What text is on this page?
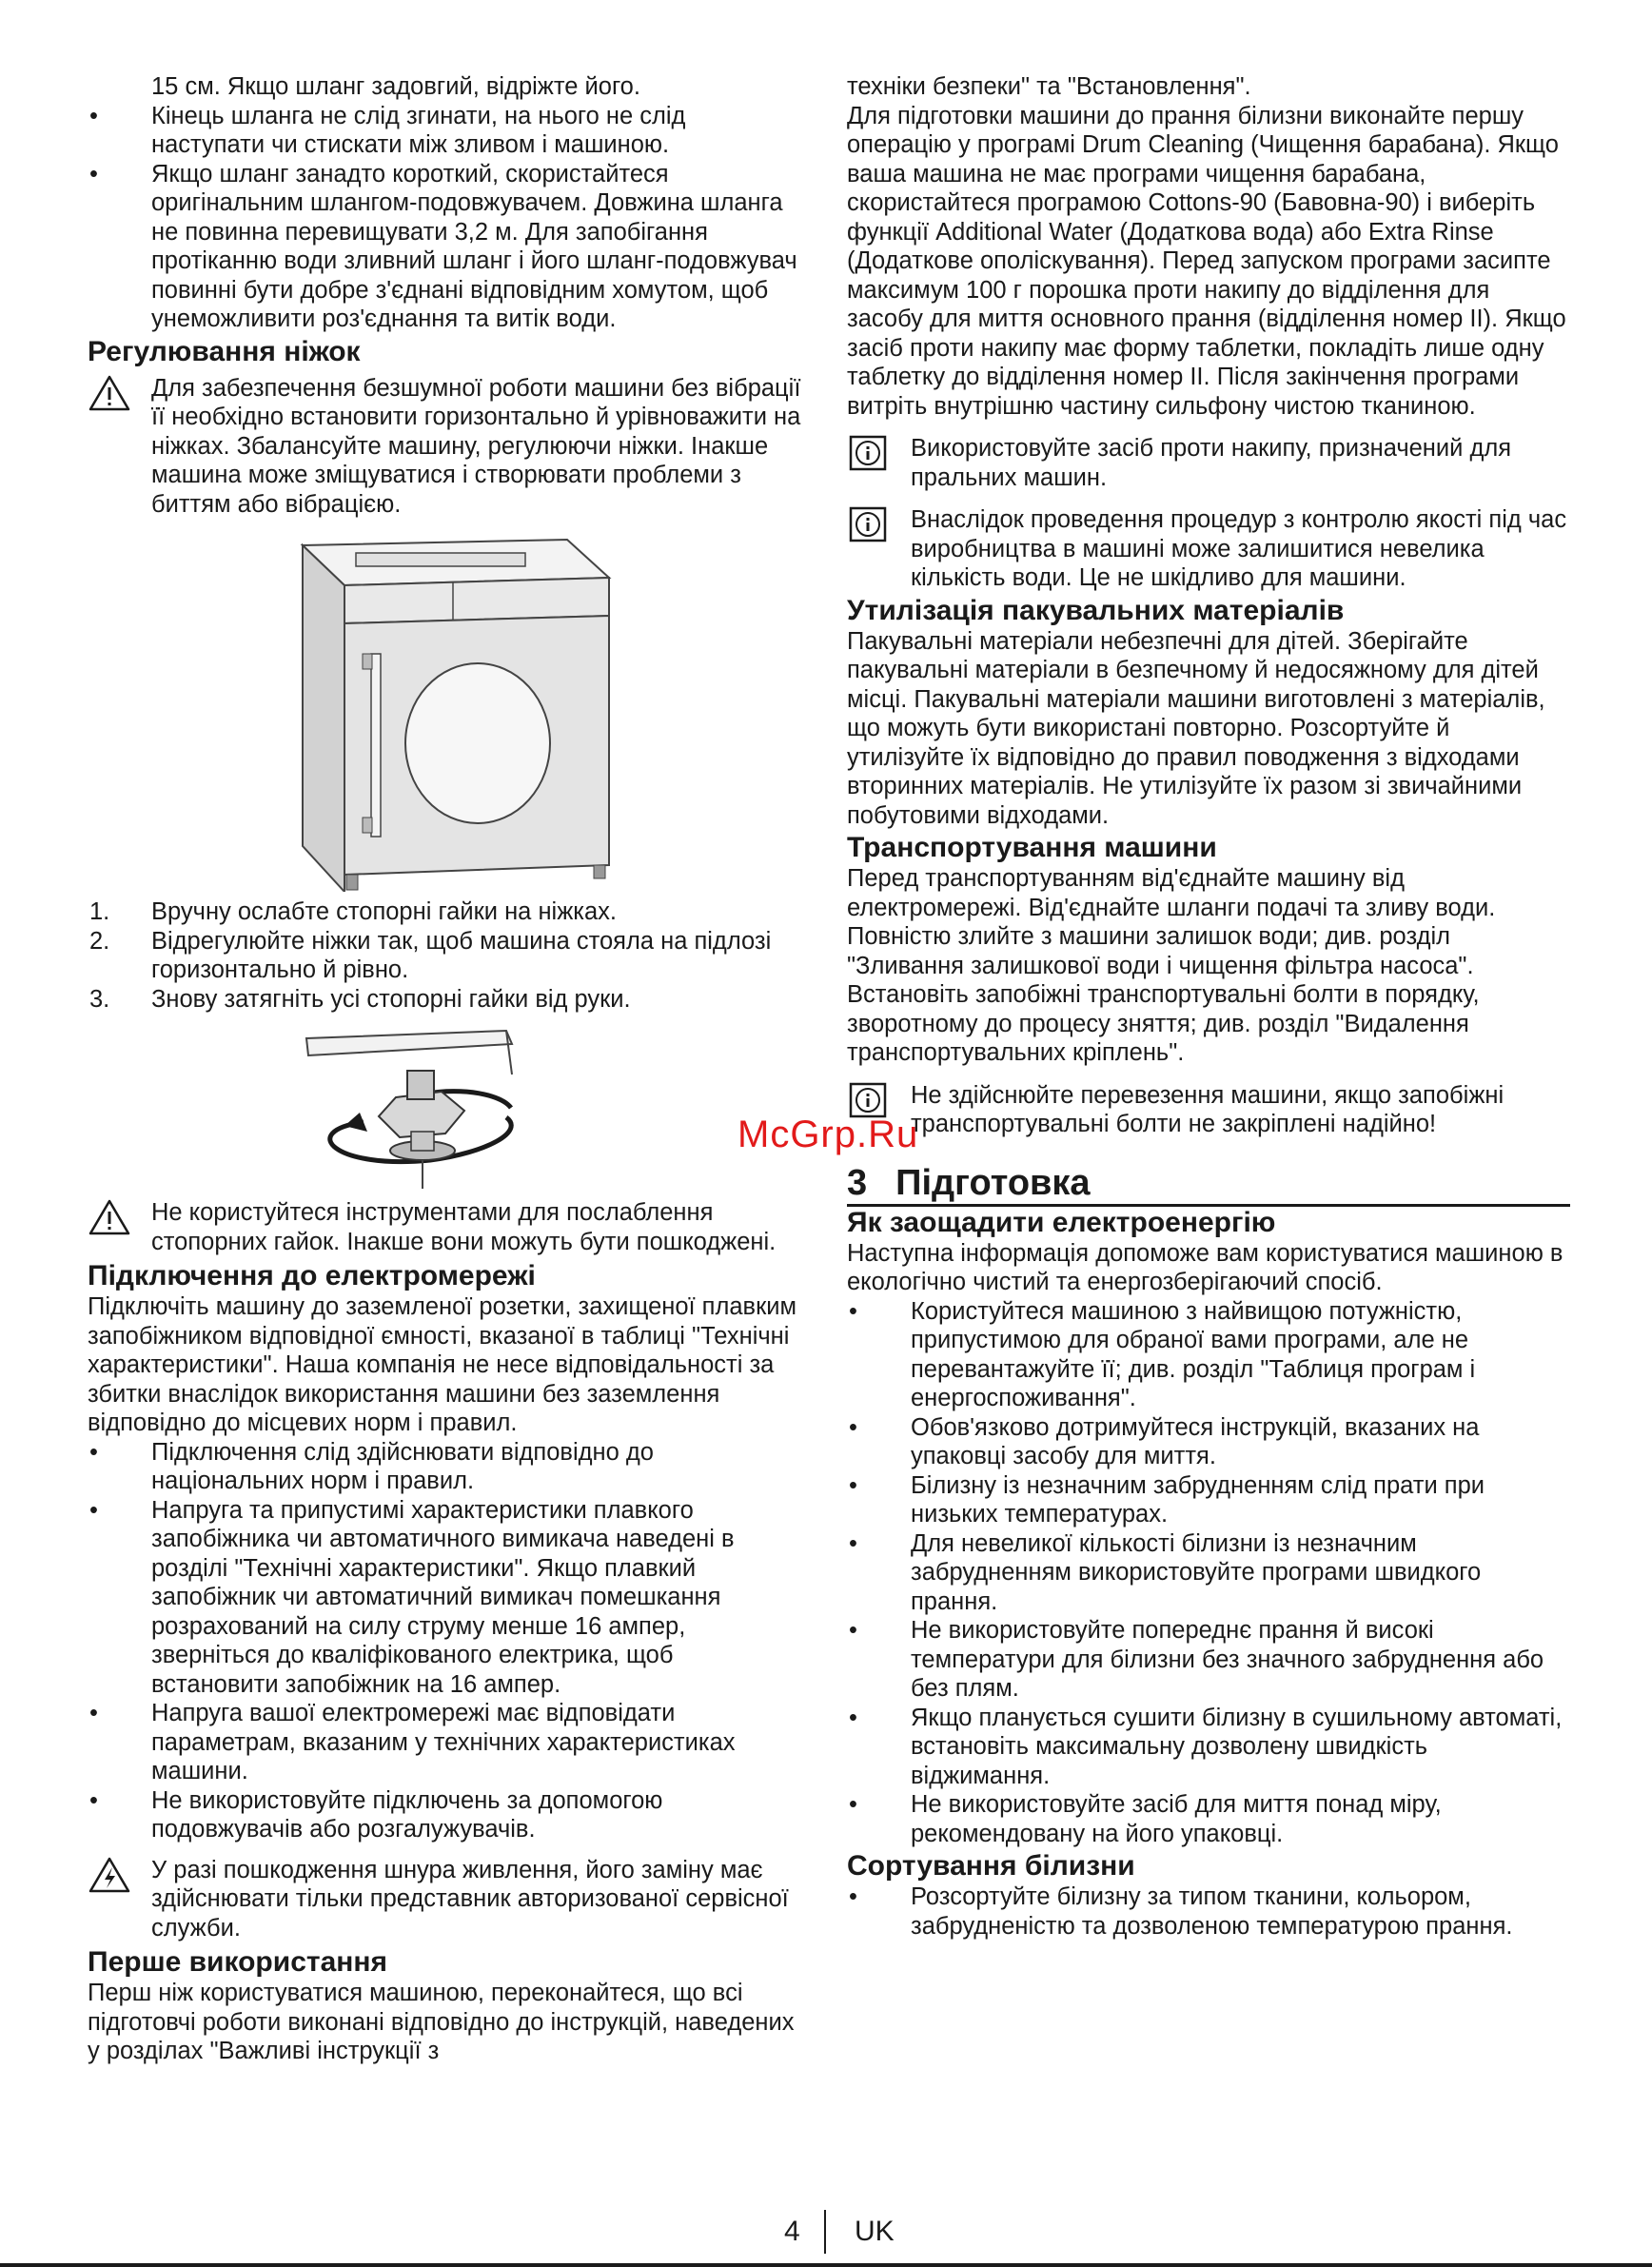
15 см. Якщо шланг задовгий, відріжте його.

• Кінець шланга не слід згинати, на нього не слід наступати чи стискати між зливом і машиною.
• Якщо шланг занадто короткий, скористайтеся оригінальним шлангом-подовжувачем. Довжина шланга не повинна перевищувати 3,2 м. Для запобігання протіканню води зливний шланг і його шланг-подовжувач повинні бути добре з'єднані відповідним хомутом, щоб унеможливити роз'єднання та витік води.
Регулювання ніжок

Для забезпечення безшумної роботи машини без вібрації її необхідно встановити горизонтально й урівноважити на ніжках. Збалансуйте машину, регулюючи ніжки. Інакше машина може зміщуватися і створювати проблеми з биттям або вібрацією.

1. Вручну ослабте стопорні гайки на ніжках.
2. Відрегулюйте ніжки так, щоб машина стояла на підлозі горизонтально й рівно.
3. Знову затягніть усі стопорні гайки від руки.

Не користуйтеся інструментами для послаблення стопорних гайок. Інакше вони можуть бути пошкоджені.

Підключення до електромережі

Підключіть машину до заземленої розетки, захищеної плавким запобіжником відповідної ємності, вказаної в таблиці "Технічні характеристики". Наша компанія не несе відповідальності за збитки внаслідок використання машини без заземлення відповідно до місцевих норм і правил.

• Підключення слід здійснювати відповідно до національних норм і правил.
• Напруга та припустимі характеристики плавкого запобіжника чи автоматичного вимикача наведені в розділі "Технічні характеристики". Якщо плавкий запобіжник чи автоматичний вимикач помешкання розрахований на силу струму менше 16 ампер, зверніться до кваліфікованого електрика, щоб встановити запобіжник на 16 ампер.
• Напруга вашої електромережі має відповідати параметрам, вказаним у технічних характеристиках машини.
• Не використовуйте підключень за допомогою подовжувачів або розгалужувачів.

У разі пошкодження шнура живлення, його заміну має здійснювати тільки представник авторизованої сервісної служби.

Перше використання

Перш ніж користуватися машиною, переконайтеся, що всі підготовчі роботи виконані відповідно до інструкцій, наведених у розділах "Важливі інструкції з

техніки безпеки" та "Встановлення".

Для підготовки машини до прання білизни виконайте першу операцію у програмі Drum Cleaning (Чищення барабана). Якщо ваша машина не має програми чищення барабана, скористайтеся програмою Cottons-90 (Бавовна-90) і виберіть функції Additional Water (Додаткова вода) або Extra Rinse (Додаткове ополіскування). Перед запуском програми засипте максимум 100 г порошка проти накипу до відділення для засобу для миття основного прання (відділення номер II). Якщо засіб проти накипу має форму таблетки, покладіть лише одну таблетку до відділення номер II. Після закінчення програми витріть внутрішню частину сильфону чистою тканиною.

Використовуйте засіб проти накипу, призначений для пральних машин.

Внаслідок проведення процедур з контролю якості під час виробництва в машині може залишитися невелика кількість води. Це не шкідливо для машини.

Утилізація пакувальних матеріалів

Пакувальні матеріали небезпечні для дітей. Зберігайте пакувальні матеріали в безпечному й недосяжному для дітей місці. Пакувальні матеріали машини виготовлені з матеріалів, що можуть бути використані повторно. Розсортуйте й утилізуйте їх відповідно до правил поводження з відходами вторинних матеріалів. Не утилізуйте їх разом зі звичайними побутовими відходами.

Транспортування машини

Перед транспортуванням від'єднайте машину від електромережі. Від'єднайте шланги подачі та зливу води. Повністю злийте з машини залишок води; див. розділ "Зливання залишкової води і чищення фільтра насоса". Встановіть запобіжні транспортувальні болти в порядку, зворотному до процесу зняття; див. розділ "Видалення транспортувальних кріплень".

Не здійснюйте перевезення машини, якщо запобіжні транспортувальні болти не закріплені надійно!

3 Підготовка
Як заощадити електроенергію

Наступна інформація допоможе вам користуватися машиною в екологічно чистий та енергозберігаючий спосіб.

• Користуйтеся машиною з найвищою потужністю, припустимою для обраної вами програми, але не перевантажуйте її; див. розділ "Таблиця програм і енергоспоживання".
• Обов'язково дотримуйтеся інструкцій, вказаних на упаковці засобу для миття.
• Білизну із незначним забрудненням слід прати при низьких температурах.
• Для невеликої кількості білизни із незначним забрудненням використовуйте програми швидкого прання.
• Не використовуйте попереднє прання й високі температури для білизни без значного забруднення або без плям.
• Якщо планується сушити білизну в сушильному автоматі, встановіть максимальну дозволену швидкість віджимання.
• Не використовуйте засіб для миття понад міру, рекомендовану на його упаковці.
Сортування білизни
• Розсортуйте білизну за типом тканини, кольором, забрудненістю та дозволеною температурою прання.
McGrp.Ru
4 UK
